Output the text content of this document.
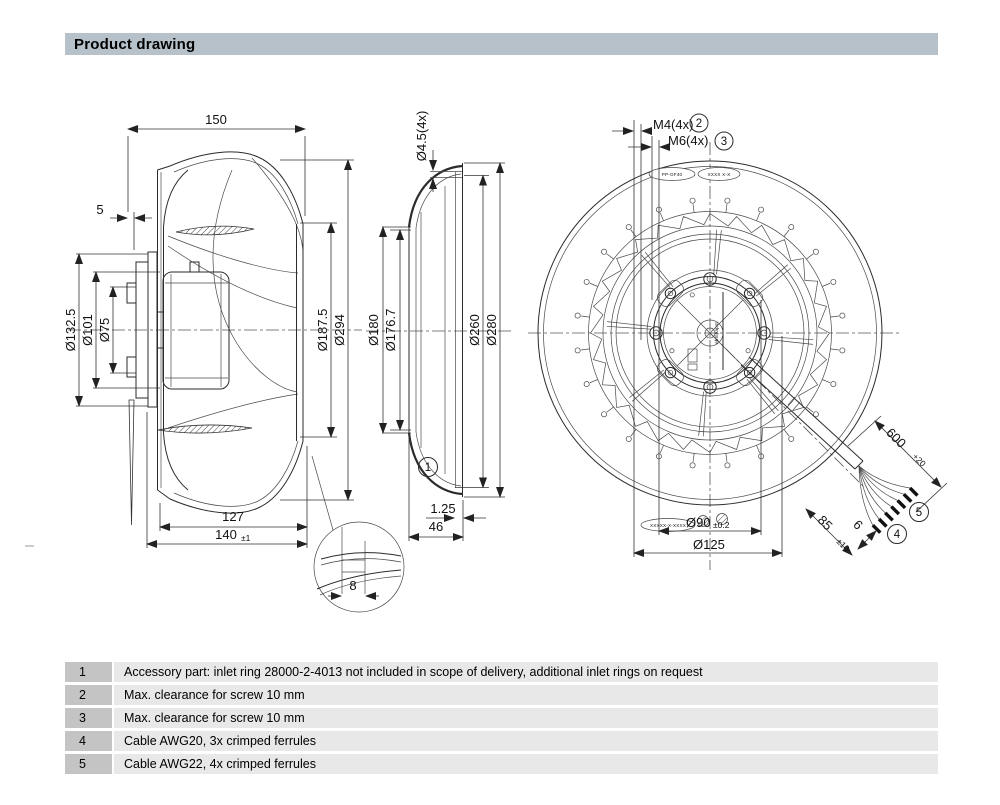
Product drawing
8
150
5
Ø132.5 Ø101 Ø75	Ø187.5 Ø294
127
140 ±1
Ø4.5(4x)
Ø180 Ø176.7	Ø260 Ø280
1.25
46
1
ebmpapst
PP-GF40	XXXX X-X
XXXXX-X-XXXX
M4(4x) 2
M6(4x) 3
Ø90 ±0.2
Ø125
600
+20
85
±10
6
4
5
1	Accessory part: inlet ring 28000-2-4013 not included in scope of delivery, additional inlet rings on request
2	Max. clearance for screw 10 mm
3	Max. clearance for screw 10 mm
4	Cable AWG20, 3x crimped ferrules
5	Cable AWG22, 4x crimped ferrules
